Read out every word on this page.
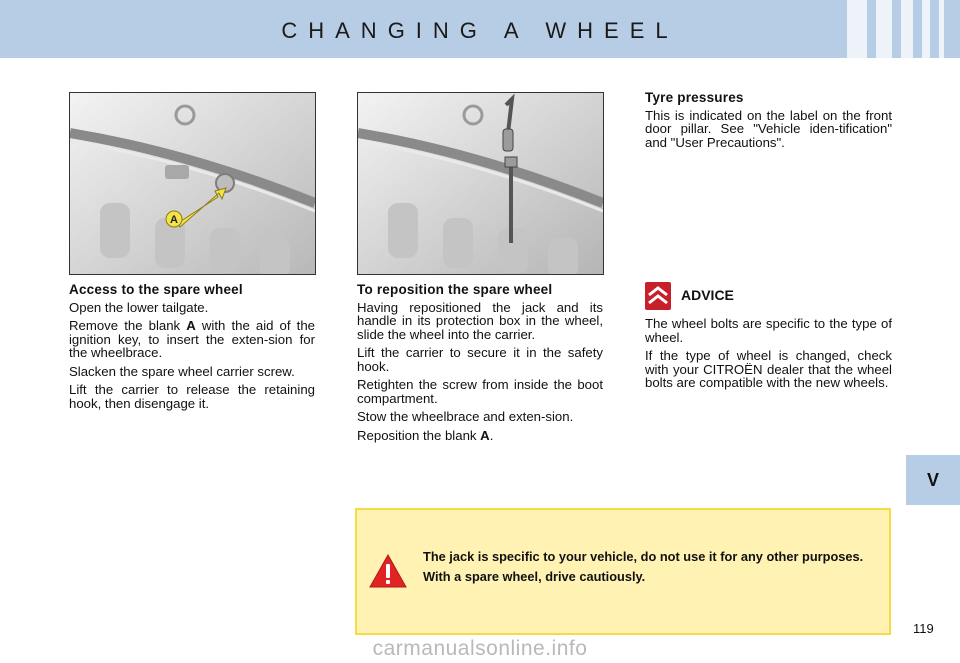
CHANGING A WHEEL
V
A
Access to the spare wheel

Open the lower tailgate.

Remove the blank A with the aid of the ignition key, to insert the exten-sion for the wheelbrace.

Slacken the spare wheel carrier screw.

Lift the carrier to release the retaining hook, then disengage it.

To reposition the spare wheel

Having repositioned the jack and its handle in its protection box in the wheel, slide the wheel into the carrier.

Lift the carrier to secure it in the safety hook.

Retighten the screw from inside the boot compartment.

Stow the wheelbrace and exten-sion.

Reposition the blank A.

Tyre pressures

This is indicated on the label on the front door pillar. See "Vehicle iden-tification" and "User Precautions".

ADVICE

The wheel bolts are specific to the type of wheel.

If the type of wheel is changed, check with your CITROËN dealer that the wheel bolts are compatible with the new wheels.

The jack is specific to your vehicle, do not use it for any other purposes.

With a spare wheel, drive cautiously.

119
carmanualsonline.info
